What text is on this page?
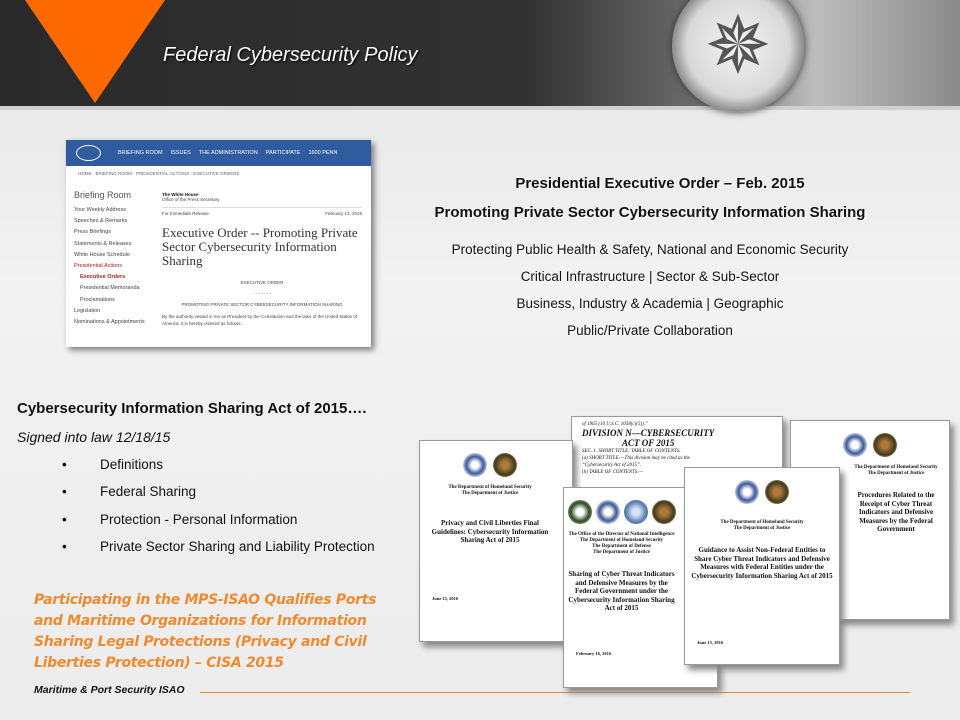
Federal Cybersecurity Policy	✵
BRIEFING ROOM ISSUES THE ADMINISTRATION PARTICIPATE 1600 PENN
HOME · BRIEFING ROOM · PRESIDENTIAL ACTIONS · EXECUTIVE ORDERS
Briefing Room
Your Weekly Address
Speeches & Remarks
Press Briefings
Statements & Releases
White House Schedule
Presidential Actions
Executive Orders
Presidential Memoranda
Proclamations
Legislation
Nominations & Appointments
The White House
Office of the Press Secretary
For Immediate Release	February 13, 2015
Executive Order -- Promoting Private Sector Cybersecurity Information Sharing
EXECUTIVE ORDER
- - - - - - -
PROMOTING PRIVATE SECTOR CYBERSECURITY INFORMATION SHARING
By the authority vested in me as President by the Constitution and the laws of the United States of America, it is hereby ordered as follows:
Presidential Executive Order – Feb. 2015
Promoting Private Sector Cybersecurity Information Sharing
Protecting Public Health & Safety, National and Economic Security
Critical Infrastructure | Sector & Sub-Sector
Business, Industry & Academia | Geographic
Public/Private Collaboration
Cybersecurity Information Sharing Act of 2015….
Signed into law 12/18/15
• Definitions
• Federal Sharing
• Protection - Personal Information
• Private Sector Sharing and Liability Protection
Participating in the MPS-ISAO Qualifies Ports and Maritime Organizations for Information Sharing Legal Protections (Privacy and Civil Liberties Protection) – CISA 2015
Maritime & Port Security ISAO
of 1965 (10 U.S.C. 1058(c)(5)).”
DIVISION N—CYBERSECURITY
ACT OF 2015
SEC. 1. SHORT TITLE; TABLE OF CONTENTS.
(a) SHORT TITLE.—This division may be cited as the
“Cybersecurity Act of 2015”.
(b) TABLE OF CONTENTS.—
The Department of Homeland Security
The Department of Justice
Privacy and Civil Liberties Final Guidelines: Cybersecurity Information Sharing Act of 2015
June 15, 2016
The Department of Homeland Security
The Department of Justice
Procedures Related to the Receipt of Cyber Threat Indicators and Defensive Measures by the Federal Government
The Office of the Director of National Intelligence
The Department of Homeland Security
The Department of Defense
The Department of Justice
Sharing of Cyber Threat Indicators and Defensive Measures by the Federal Government under the Cybersecurity Information Sharing Act of 2015
February 16, 2016
The Department of Homeland Security
The Department of Justice
Guidance to Assist Non-Federal Entities to Share Cyber Threat Indicators and Defensive Measures with Federal Entities under the Cybersecurity Information Sharing Act of 2015
June 15, 2016
